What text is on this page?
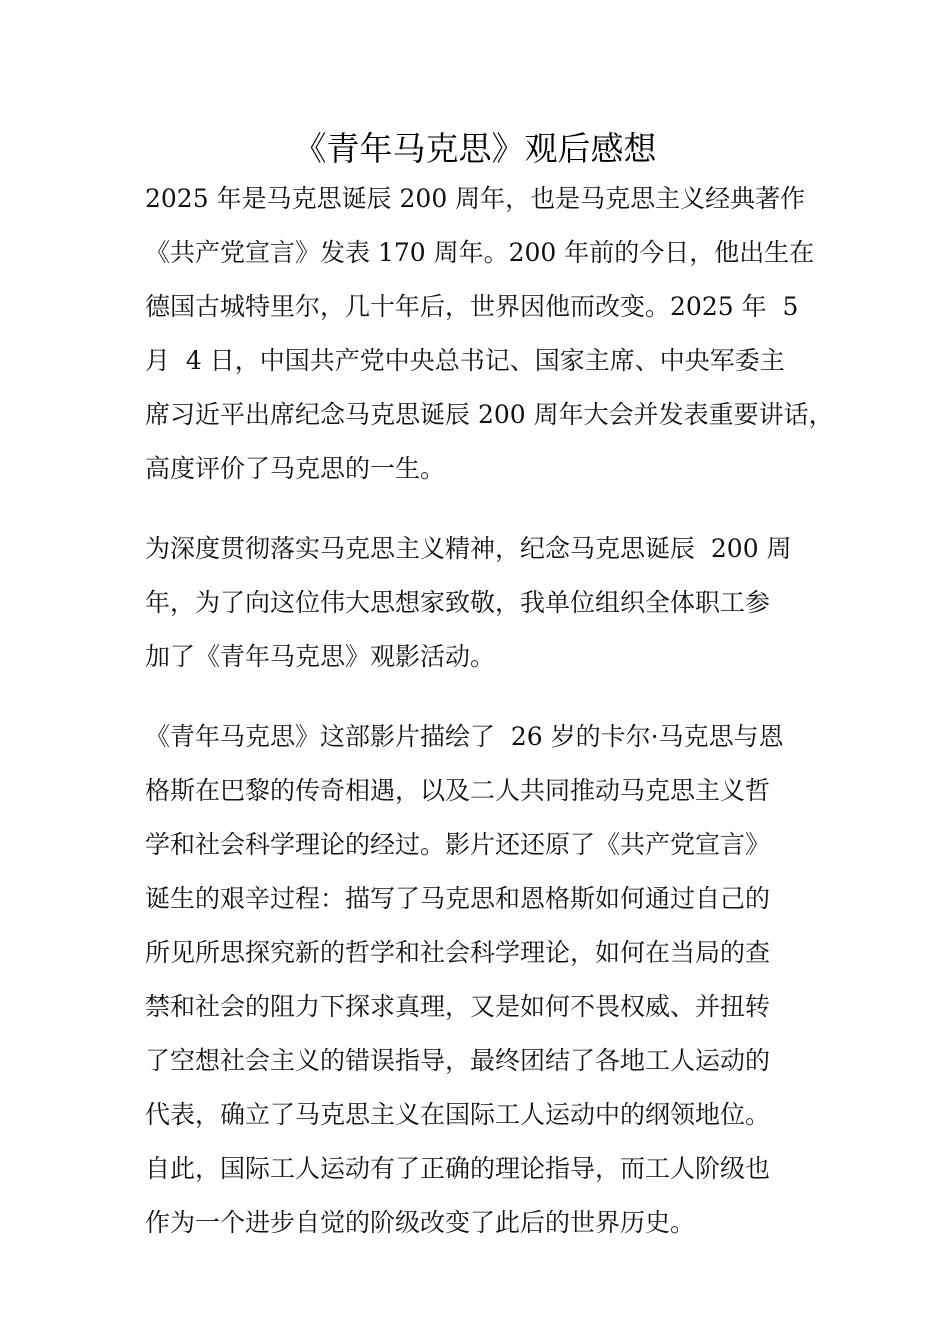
《青年马克思》观后感想
2025 年是马克思诞辰 200 周年，也是马克思主义经典著作
《共产党宣言》发表 170 周年。200 年前的今日，他出生在
德国古城特里尔，几十年后，世界因他而改变。2025 年  5
月  4 日，中国共产党中央总书记、国家主席、中央军委主
席习近平出席纪念马克思诞辰 200 周年大会并发表重要讲话，
高度评价了马克思的一生。
为深度贯彻落实马克思主义精神，纪念马克思诞辰  200 周
年，为了向这位伟大思想家致敬，我单位组织全体职工参
加了《青年马克思》观影活动。
《青年马克思》这部影片描绘了  26 岁的卡尔·马克思与恩
格斯在巴黎的传奇相遇，以及二人共同推动马克思主义哲
学和社会科学理论的经过。影片还还原了《共产党宣言》
诞生的艰辛过程：描写了马克思和恩格斯如何通过自己的
所见所思探究新的哲学和社会科学理论，如何在当局的查
禁和社会的阻力下探求真理，又是如何不畏权威、并扭转
了空想社会主义的错误指导，最终团结了各地工人运动的
代表，确立了马克思主义在国际工人运动中的纲领地位。
自此，国际工人运动有了正确的理论指导，而工人阶级也
作为一个进步自觉的阶级改变了此后的世界历史。
